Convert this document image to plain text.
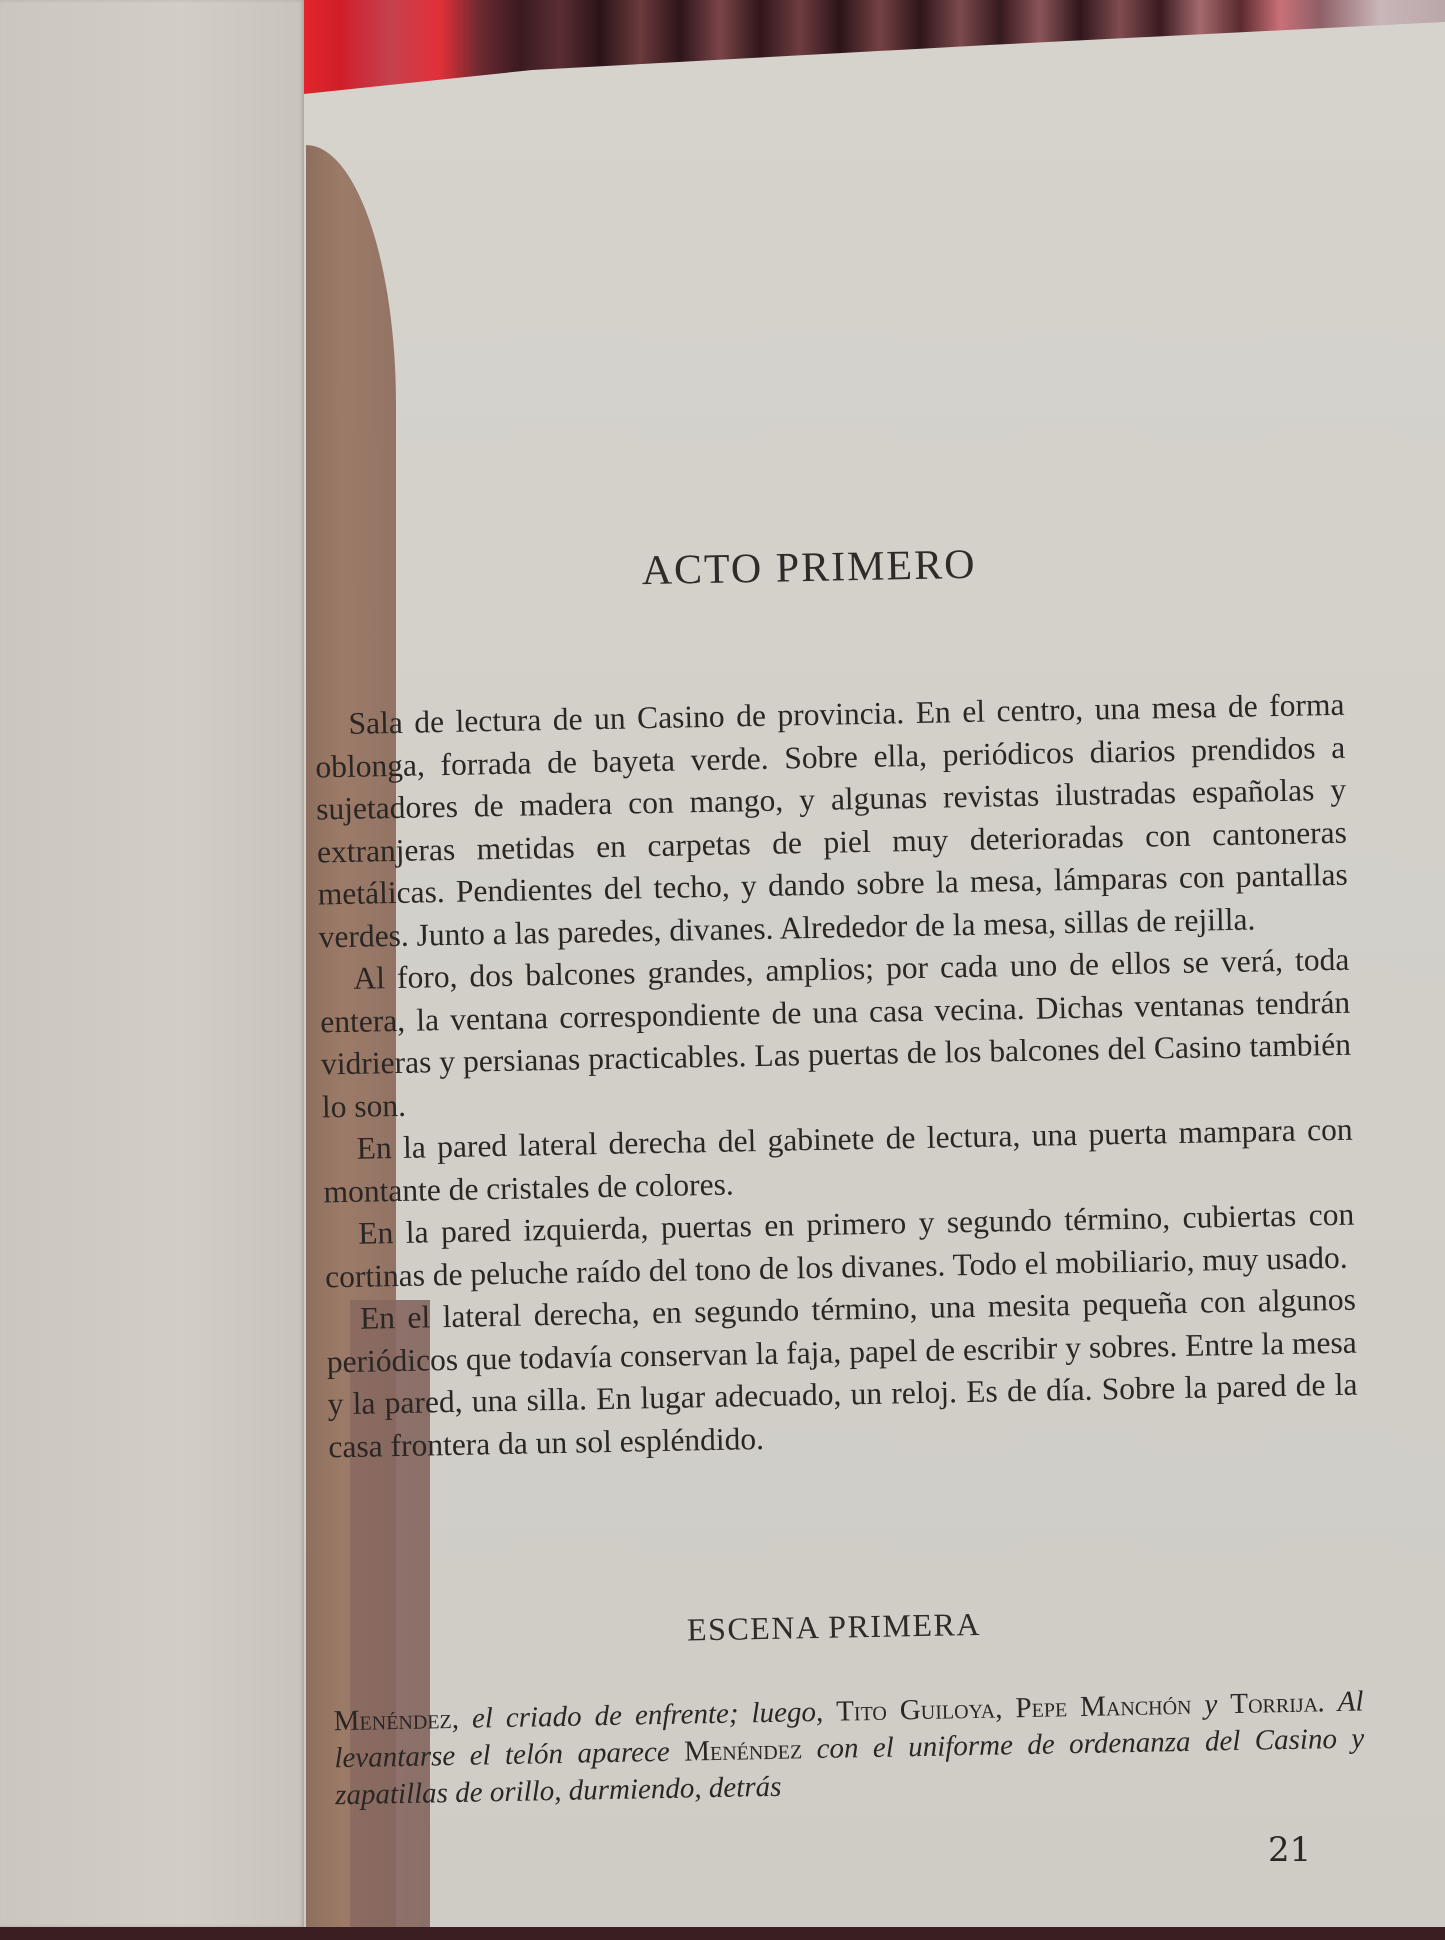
ACTO PRIMERO

Sala de lectura de un Casino de provincia. En el centro, una mesa de forma oblonga, forrada de bayeta verde. Sobre ella, periódicos diarios prendidos a sujetadores de madera con mango, y algunas revistas ilustradas españolas y extranjeras metidas en carpetas de piel muy deterioradas con cantoneras metálicas. Pendientes del techo, y dando sobre la mesa, lámparas con pantallas verdes. Junto a las paredes, divanes. Alrededor de la mesa, sillas de rejilla.

Al foro, dos balcones grandes, amplios; por cada uno de ellos se verá, toda entera, la ventana correspondiente de una casa vecina. Dichas ventanas tendrán vidrieras y persianas practicables. Las puertas de los balcones del Casino también lo son.

En la pared lateral derecha del gabinete de lectura, una puerta mampara con montante de cristales de colores.

En la pared izquierda, puertas en primero y segundo término, cubiertas con cortinas de peluche raído del tono de los divanes. Todo el mobiliario, muy usado.

En el lateral derecha, en segundo término, una mesita pequeña con algunos periódicos que todavía conservan la faja, papel de escribir y sobres. Entre la mesa y la pared, una silla. En lugar adecuado, un reloj. Es de día. Sobre la pared de la casa frontera da un sol espléndido.

ESCENA PRIMERA
Menéndez, el criado de enfrente; luego, Tito Guiloya, Pepe Manchón y Torrija. Al levantarse el telón aparece Menéndez con el uniforme de ordenanza del Casino y zapatillas de orillo, durmiendo, detrás
21
